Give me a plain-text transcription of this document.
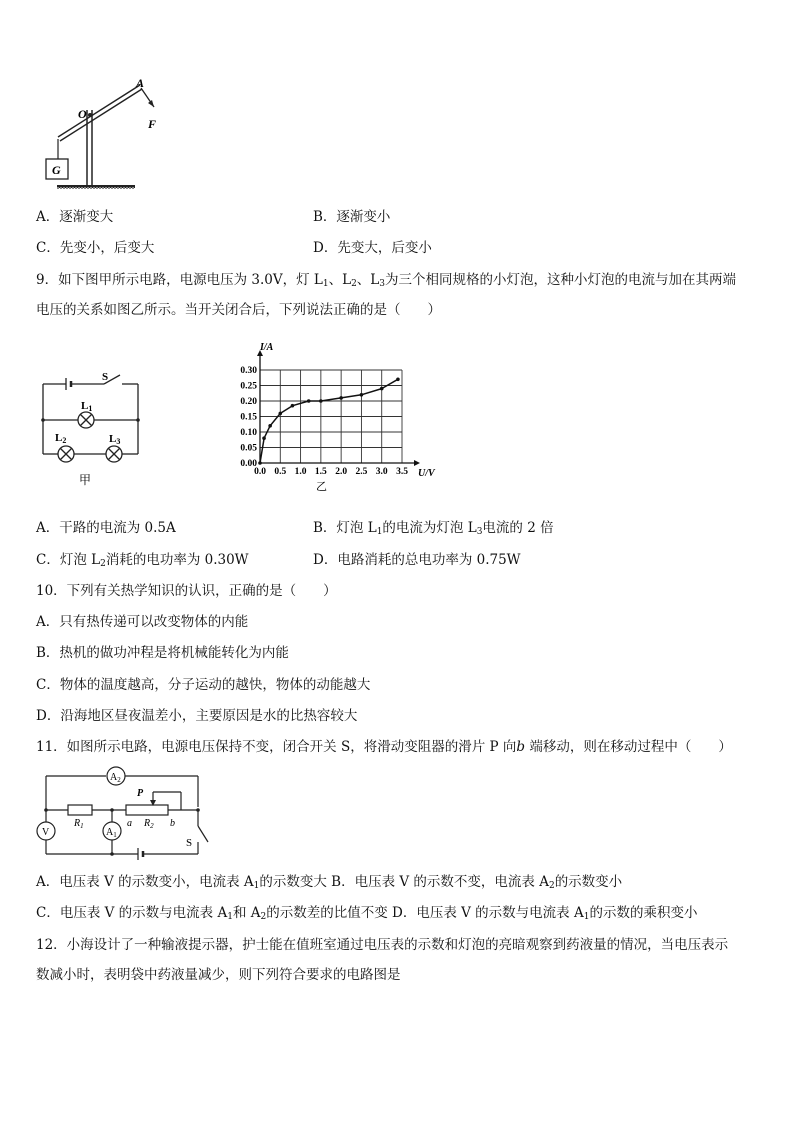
G
A
O
F
A．逐渐变大	B．逐渐变小
C．先变小，后变大	D．先变大，后变小
9．如下图甲所示电路，电源电压为 3.0V，灯 $L_1$、$L_2$、$L_3$为三个相同规格的小灯泡，这种小灯泡的电流与加在其两端
电压的关系如图乙所示。当开关闭合后，下列说法正确的是（　　）
S
L1
L2	L3
甲
0.0 0.5 1.0 1.5 2.0 2.5 3.0 3.5
0.00
0.05
0.10
0.15
0.20
0.25
0.30
I/A
U/V
乙
A．干路的电流为 0.5A	B．灯泡 $L_1$的电流为灯泡 $L_3$电流的 2 倍
C．灯泡 $L_2$消耗的电功率为 0.30W	D．电路消耗的总电功率为 0.75W
10．下列有关热学知识的认识，正确的是（　　）
A．只有热传递可以改变物体的内能
B．热机的做功冲程是将机械能转化为内能
C．物体的温度越高，分子运动的越快，物体的动能越大
D．沿海地区昼夜温差小，主要原因是水的比热容较大
11．如图所示电路，电源电压保持不变，闭合开关 S，将滑动变阻器的滑片 P 向b 端移动，则在移动过程中（　　）
$A_2$
$A_1$
V
$R_1$	$R_2$
P
a	b
S
A．电压表 V 的示数变小，电流表 $A_1$的示数变大 B．电压表 V 的示数不变，电流表 $A_2$的示数变小
C．电压表 V 的示数与电流表 $A_1$和 $A_2$的示数差的比值不变 D．电压表 V 的示数与电流表 $A_1$的示数的乘积变小
12．小海设计了一种输液提示器，护士能在值班室通过电压表的示数和灯泡的亮暗观察到药液量的情况，当电压表示
数减小时，表明袋中药液量减少，则下列符合要求的电路图是
